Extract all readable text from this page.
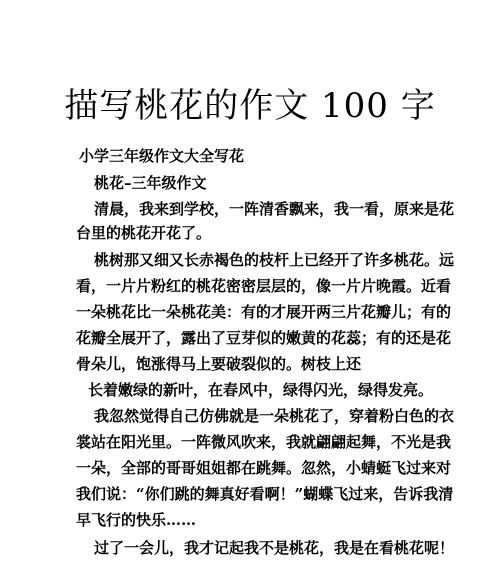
描写桃花的作文 100 字
小学三年级作文大全写花
桃花–三年级作文
清晨，我来到学校，一阵清香飘来，我一看，原来是花
台里的桃花开花了。
桃树那又细又长赤褐色的枝杆上已经开了许多桃花。远
看，一片片粉红的桃花密密层层的，像一片片晚霞。近看
一朵桃花比一朵桃花美：有的才展开两三片花瓣儿；有的
花瓣全展开了，露出了豆芽似的嫩黄的花蕊；有的还是花
骨朵儿，饱涨得马上要破裂似的。树枝上还
长着嫩绿的新叶，在春风中，绿得闪光，绿得发亮。
我忽然觉得自己仿佛就是一朵桃花了，穿着粉白色的衣
裳站在阳光里。一阵微风吹来，我就翩翩起舞，不光是我
一朵，全部的哥哥姐姐都在跳舞。忽然，小蜻蜓飞过来对
我们说：“你们跳的舞真好看啊！”蝴蝶飞过来，告诉我清
早飞行的快乐……
过了一会儿，我才记起我不是桃花，我是在看桃花呢！
